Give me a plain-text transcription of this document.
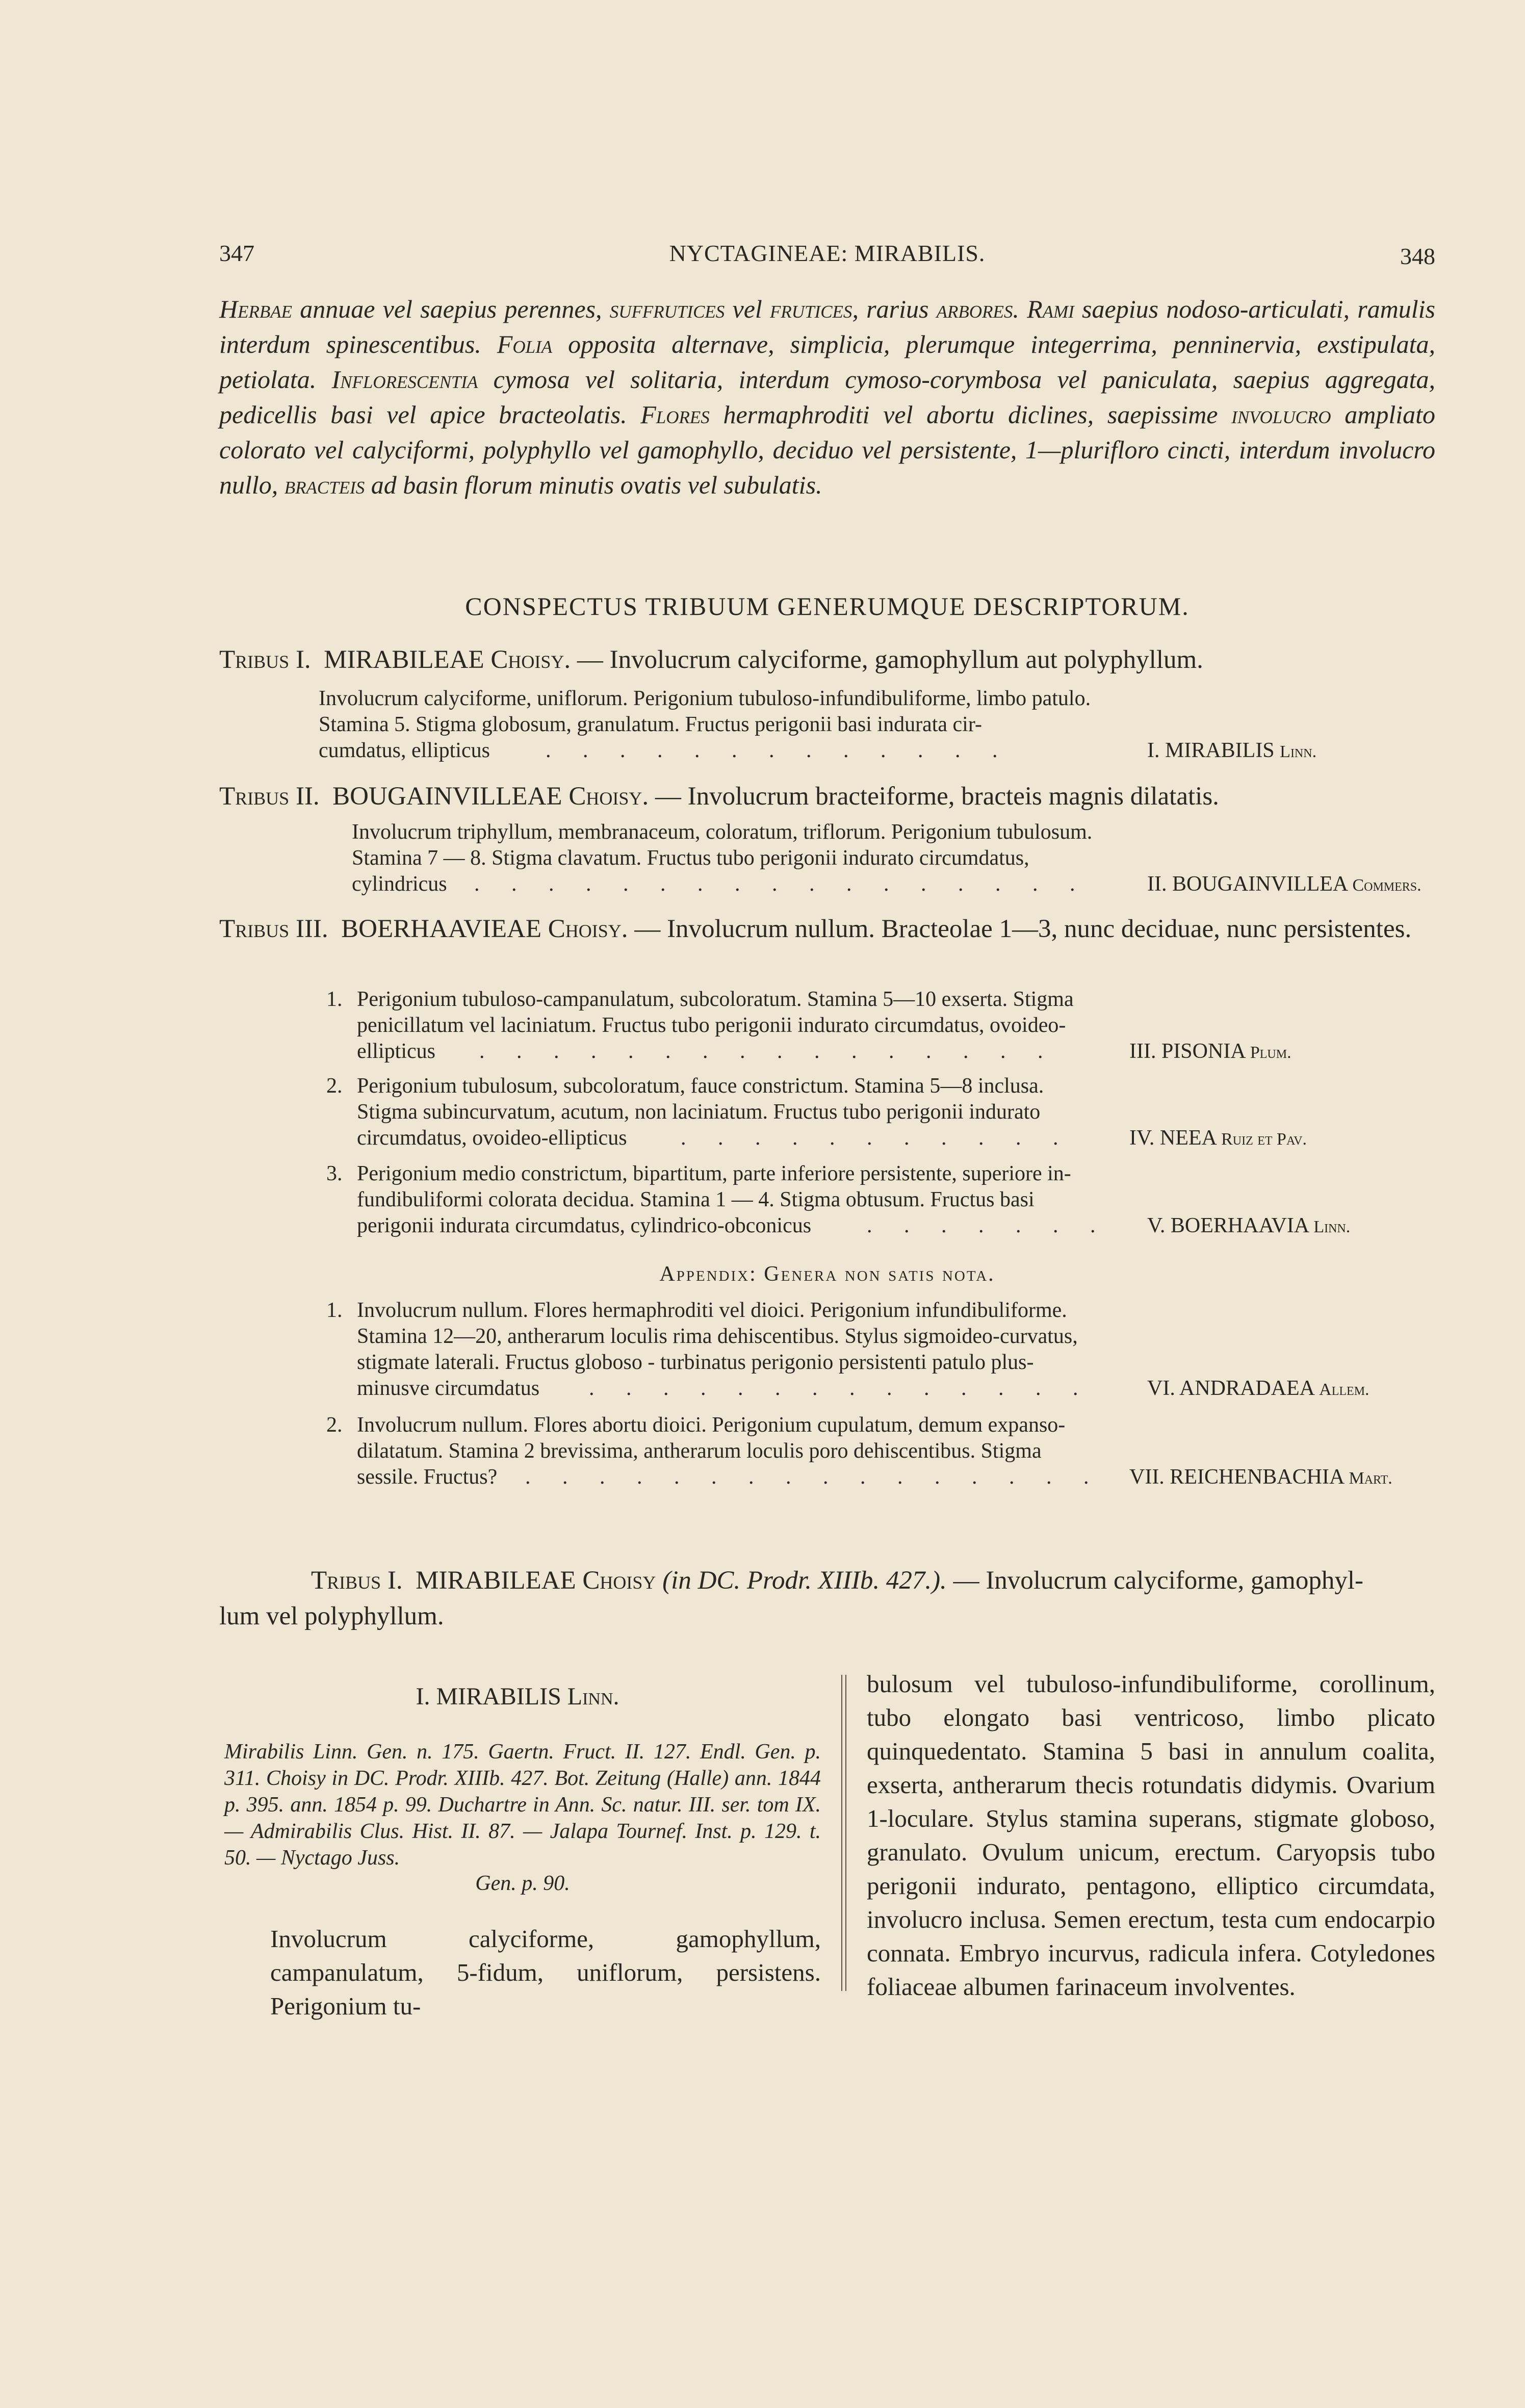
347	NYCTAGINEAE: MIRABILIS.	348
Herbae annuae vel saepius perennes, suffrutices vel frutices, rarius arbores. Rami saepius nodoso-articulati, ramulis interdum spinescentibus. Folia opposita alternave, simplicia, plerumque integerrima, penninervia, exstipulata, petiolata. Inflorescentia cymosa vel solitaria, interdum cymoso-corymbosa vel paniculata, saepius aggregata, pedicellis basi vel apice bracteolatis. Flores hermaphroditi vel abortu diclines, saepissime involucro ampliato colorato vel calyciformi, polyphyllo vel gamophyllo, deciduo vel persistente, 1—plurifloro cincti, interdum involucro nullo, bracteis ad basin florum minutis ovatis vel subulatis.
CONSPECTUS TRIBUUM GENERUMQUE DESCRIPTORUM.
Tribus I. MIRABILEAE Choisy. — Involucrum calyciforme, gamophyllum aut polyphyllum.
Involucrum calyciforme, uniflorum. Perigonium tubuloso-infundibuliforme, limbo patulo.
Stamina 5. Stigma globosum, granulatum. Fructus perigonii basi indurata cir-
cumdatus, ellipticus	. . . . . . . . . . . . .	I. MIRABILIS Linn.
Tribus II. BOUGAINVILLEAE Choisy. — Involucrum bracteiforme, bracteis magnis dilatatis.
Involucrum triphyllum, membranaceum, coloratum, triflorum. Perigonium tubulosum.
Stamina 7 — 8. Stigma clavatum. Fructus tubo perigonii indurato circumdatus,
cylindricus . . . . . . . . . . . . . . . . .	II. BOUGAINVILLEA Commers.
Tribus III. BOERHAAVIEAE Choisy. — Involucrum nullum. Bracteolae 1—3, nunc deciduae, nunc persistentes.
1. Perigonium tubuloso-campanulatum, subcoloratum. Stamina 5—10 exserta. Stigma
penicillatum vel laciniatum. Fructus tubo perigonii indurato circumdatus, ovoideo-
ellipticus . . . . . . . . . . . . . . . .	III. PISONIA Plum.
2. Perigonium tubulosum, subcoloratum, fauce constrictum. Stamina 5—8 inclusa.
Stigma subincurvatum, acutum, non laciniatum. Fructus tubo perigonii indurato
circumdatus, ovoideo-ellipticus	. . . . . . . . . . .	IV. NEEA Ruiz et Pav.
3. Perigonium medio constrictum, bipartitum, parte inferiore persistente, superiore in-
fundibuliformi colorata decidua. Stamina 1 — 4. Stigma obtusum. Fructus basi
perigonii indurata circumdatus, cylindrico-obconicus	. . . . . . . V. BOERHAAVIA Linn.
Appendix: Genera non satis nota.
1. Involucrum nullum. Flores hermaphroditi vel dioici. Perigonium infundibuliforme.
Stamina 12—20, antherarum loculis rima dehiscentibus. Stylus sigmoideo-curvatus,
stigmate laterali. Fructus globoso - turbinatus perigonio persistenti patulo plus-
minusve circumdatus . . . . . . . . . . . . . .	VI. ANDRADAEA Allem.
2. Involucrum nullum. Flores abortu dioici. Perigonium cupulatum, demum expanso-
dilatatum. Stamina 2 brevissima, antherarum loculis poro dehiscentibus. Stigma
sessile. Fructus? . . . . . . . . . . . . . . . . VII. REICHENBACHIA Mart.
Tribus I. MIRABILEAE Choisy (in DC. Prodr. XIIIb. 427.). — Involucrum calyciforme, gamophyl-
lum vel polyphyllum.
I. MIRABILIS Linn.
Mirabilis Linn. Gen. n. 175. Gaertn. Fruct. II. 127. Endl. Gen. p. 311. Choisy in DC. Prodr. XIIIb. 427. Bot. Zeitung (Halle) ann. 1844 p. 395. ann. 1854 p. 99. Duchartre in Ann. Sc. natur. III. ser. tom IX. — Admirabilis Clus. Hist. II. 87. — Jalapa Tournef. Inst. p. 129. t. 50. — Nyctago Juss.
Gen. p. 90.
Involucrum calyciforme, gamophyllum, campanulatum, 5-fidum, uniflorum, persistens. Perigonium tu-
bulosum vel tubuloso-infundibuliforme, corollinum, tubo elongato basi ventricoso, limbo plicato quinquedentato. Stamina 5 basi in annulum coalita, exserta, antherarum thecis rotundatis didymis. Ovarium 1-loculare. Stylus stamina superans, stigmate globoso, granulato. Ovulum unicum, erectum. Caryopsis tubo perigonii indurato, pentagono, elliptico circumdata, involucro inclusa. Semen erectum, testa cum endocarpio connata. Embryo incurvus, radicula infera. Cotyledones foliaceae albumen farinaceum involventes.
